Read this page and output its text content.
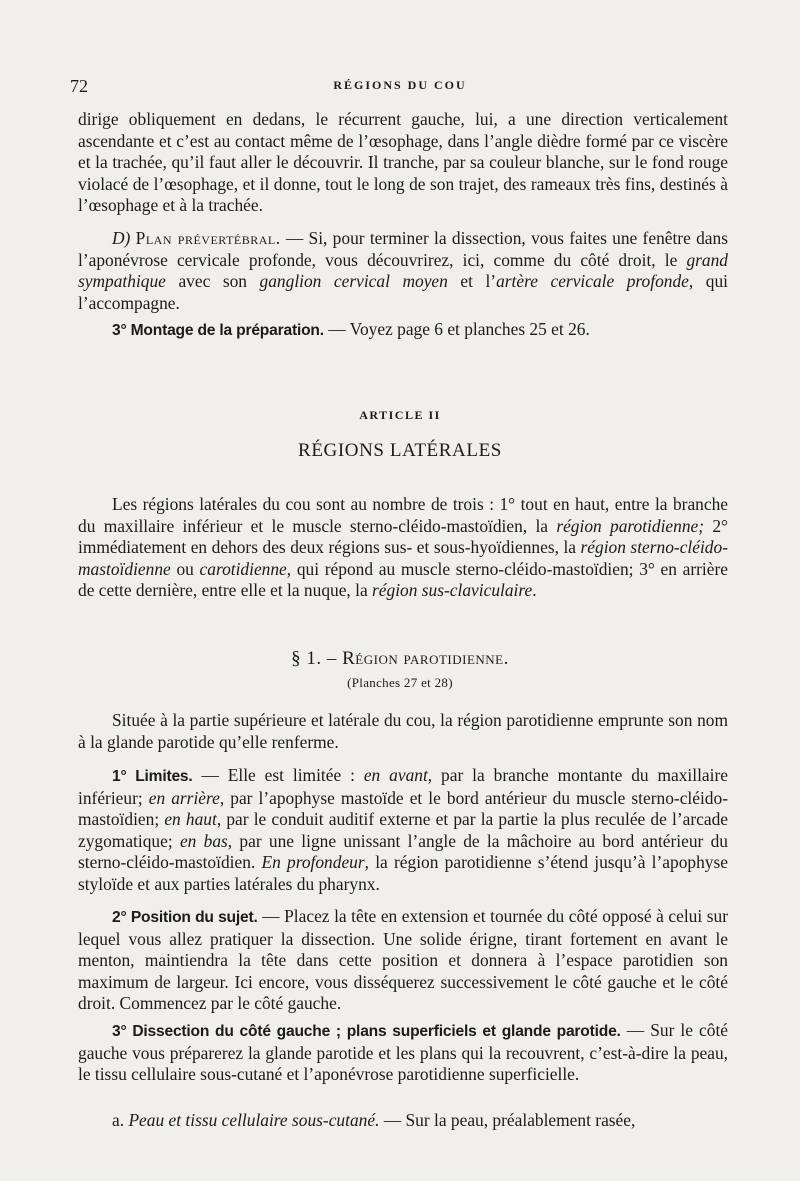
72	RÉGIONS DU COU

dirige obliquement en dedans, le récurrent gauche, lui, a une direction verticalement ascendante et c’est au contact même de l’œsophage, dans l’angle dièdre formé par ce viscère et la trachée, qu’il faut aller le découvrir. Il tranche, par sa couleur blanche, sur le fond rouge violacé de l’œsophage, et il donne, tout le long de son trajet, des rameaux très fins, destinés à l’œsophage et à la trachée.

D) Plan prévertébral. — Si, pour terminer la dissection, vous faites une fenêtre dans l’aponévrose cervicale profonde, vous découvrirez, ici, comme du côté droit, le grand sympathique avec son ganglion cervical moyen et l’artère cervicale profonde, qui l’accompagne.

3° Montage de la préparation. — Voyez page 6 et planches 25 et 26.

ARTICLE II
RÉGIONS LATÉRALES

Les régions latérales du cou sont au nombre de trois : 1° tout en haut, entre la branche du maxillaire inférieur et le muscle sterno-cléido-mastoïdien, la région parotidienne; 2° immédiatement en dehors des deux régions sus- et sous-hyoïdiennes, la région sterno-cléido-mastoïdienne ou carotidienne, qui répond au muscle sterno-cléido-mastoïdien; 3° en arrière de cette dernière, entre elle et la nuque, la région sus-claviculaire.

§ 1. – Région parotidienne.
(Planches 27 et 28)

Située à la partie supérieure et latérale du cou, la région parotidienne emprunte son nom à la glande parotide qu’elle renferme.

1° Limites. — Elle est limitée : en avant, par la branche montante du maxillaire inférieur; en arrière, par l’apophyse mastoïde et le bord antérieur du muscle sterno-cléido-mastoïdien; en haut, par le conduit auditif externe et par la partie la plus reculée de l’arcade zygomatique; en bas, par une ligne unissant l’angle de la mâchoire au bord antérieur du sterno-cléido-mastoïdien. En profondeur, la région parotidienne s’étend jusqu’à l’apophyse styloïde et aux parties latérales du pharynx.

2° Position du sujet. — Placez la tête en extension et tournée du côté opposé à celui sur lequel vous allez pratiquer la dissection. Une solide érigne, tirant fortement en avant le menton, maintiendra la tête dans cette position et donnera à l’espace parotidien son maximum de largeur. Ici encore, vous disséquerez successivement le côté gauche et le côté droit. Commencez par le côté gauche.

3° Dissection du côté gauche ; plans superficiels et glande parotide. — Sur le côté gauche vous préparerez la glande parotide et les plans qui la recouvrent, c’est-à-dire la peau, le tissu cellulaire sous-cutané et l’aponévrose parotidienne superficielle.

a. Peau et tissu cellulaire sous-cutané. — Sur la peau, préalablement rasée,
